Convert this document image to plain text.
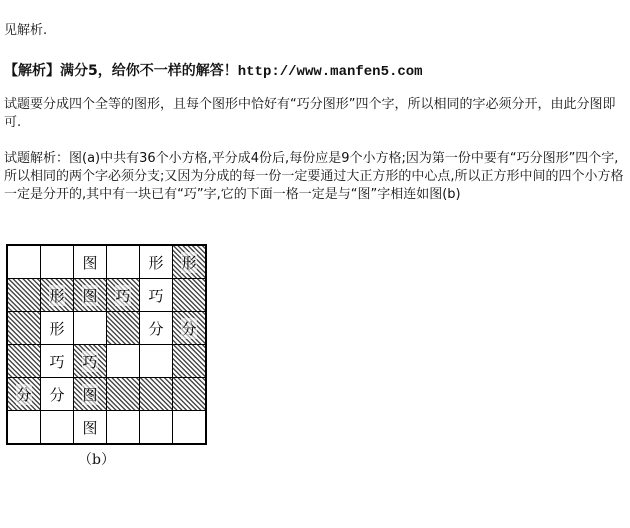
见解析.
【解析】满分5，给你不一样的解答！http://www.manfen5.com
试题要分成四个全等的图形，且每个图形中恰好有“巧分图形”四个字，所以相同的字必须分开，由此分图即可.
试题解析：图(a)中共有36个小方格,平分成4份后,每份应是9个小方格;因为第一份中要有“巧分图形”四个字,所以相同的两个字必须分支;又因为分成的每一份一定要通过大正方形的中心点,所以正方形中间的四个小方格一定是分开的,其中有一块已有“巧”字,它的下面一格一定是与“图”字相连如图(b)
图	形 形
形 图 巧 巧
形	分 分
巧 巧
分 分 图
图
（b）
